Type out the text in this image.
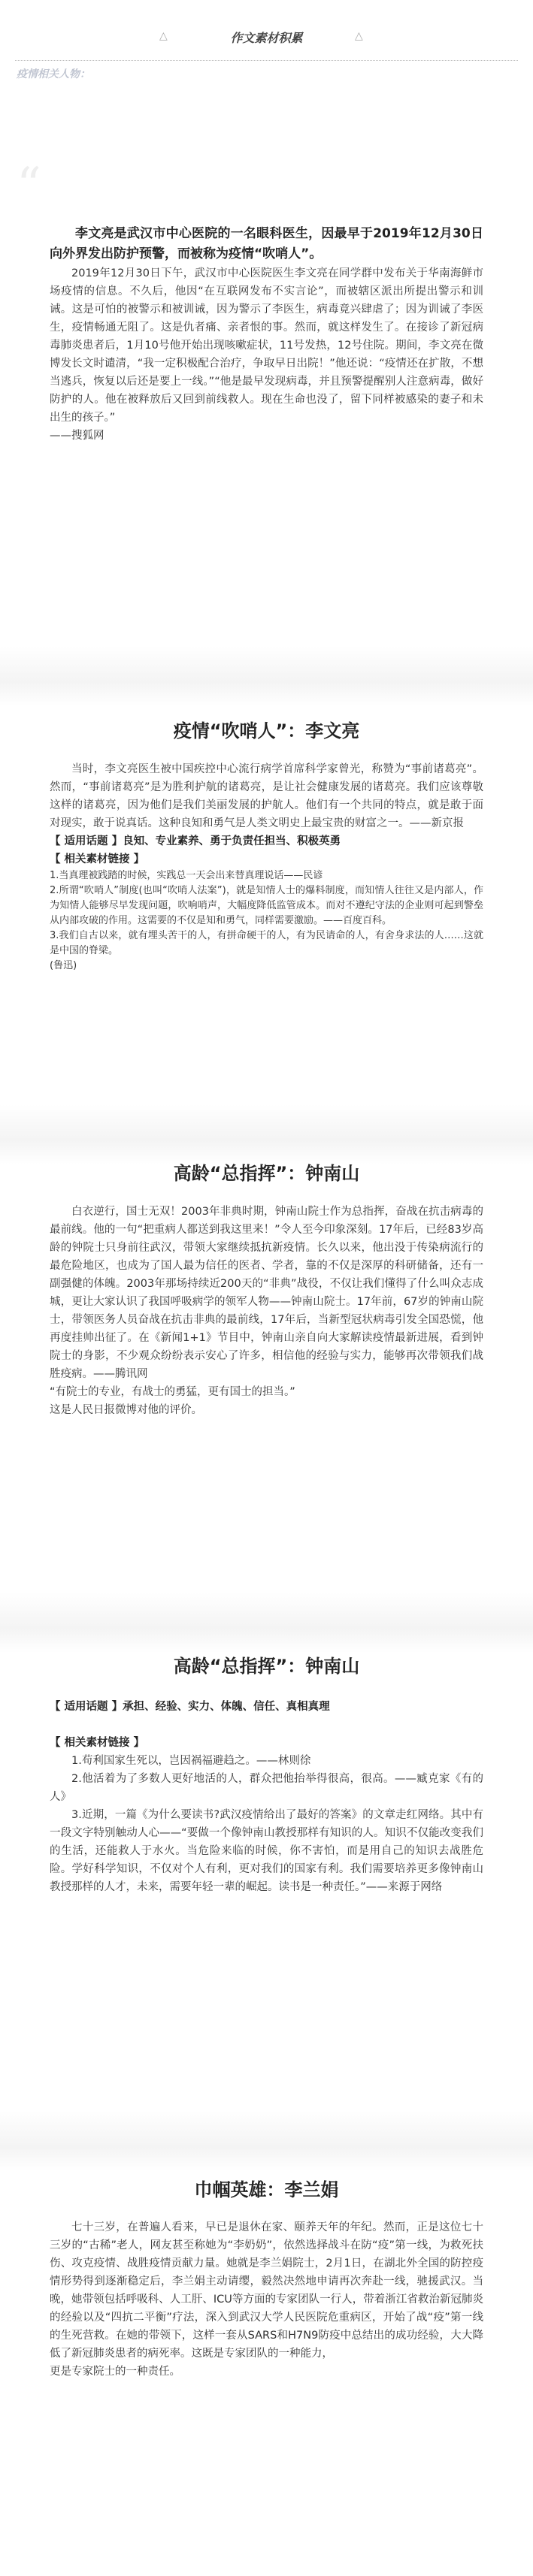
△	作文素材积累	△
疫情相关人物：
“

李文亮是武汉市中心医院的一名眼科医生，因最早于2019年12月30日向外界发出防护预警，而被称为疫情“吹哨人”。

2019年12月30日下午，武汉市中心医院医生李文亮在同学群中发布关于华南海鲜市场疫情的信息。不久后，他因“在互联网发布不实言论”，而被辖区派出所提出警示和训诫。这是可怕的被警示和被训诫，因为警示了李医生，病毒竟兴肆虐了；因为训诫了李医生，疫情畅通无阻了。这是仇者痛、亲者恨的事。然而，就这样发生了。在接诊了新冠病毒肺炎患者后，1月10号他开始出现咳嗽症状，11号发热，12号住院。期间，李文亮在微博发长文时谴清，“我一定积极配合治疗，争取早日出院！”他还说：“疫情还在扩散，不想当逃兵，恢复以后还是要上一线。”“他是最早发现病毒，并且预警提醒别人注意病毒，做好防护的人。他在被释放后又回到前线救人。现在生命也没了，留下同样被感染的妻子和未出生的孩子。”

——搜狐网

疫情“吹哨人”：李文亮

当时，李文亮医生被中国疾控中心流行病学首席科学家曾光，称赞为“事前诸葛亮”。然而，“事前诸葛亮”是为胜利护航的诸葛亮，是让社会健康发展的诸葛亮。我们应该尊敬这样的诸葛亮，因为他们是我们美丽发展的护航人。他们有一个共同的特点，就是敢于面对现实，敢于说真话。这种良知和勇气是人类文明史上最宝贵的财富之一。——新京报

【 适用话题 】良知、专业素养、勇于负责任担当、积极英勇

【 相关素材链接 】

1.当真理被践踏的时候，实践总一天会出来替真理说话——民谚

2.所谓“吹哨人”制度(也叫“吹哨人法案”)，就是知情人士的爆料制度，而知情人往往又是内部人，作为知情人能够尽早发现问题，吹响哨声，大幅度降低监管成本。而对不遵纪守法的企业则可起到警垒从内部攻破的作用。这需要的不仅是知和勇气，同样需要激励。——百度百科。

3.我们自古以来，就有埋头苦干的人，有拼命硬干的人，有为民请命的人，有舍身求法的人……这就是中国的脊梁。

(鲁迅)

高龄“总指挥”：钟南山

白衣逆行，国士无双！2003年非典时期，钟南山院士作为总指挥，奋战在抗击病毒的最前线。他的一句“把重病人都送到我这里来！”令人至今印象深刻。17年后，已经83岁高龄的钟院士只身前往武汉，带领大家继续抵抗新疫情。长久以来，他出没于传染病流行的最危险地区，也成为了国人最为信任的医者、学者，靠的不仅是深厚的科研储备，还有一副强健的体魄。2003年那场持续近200天的“非典”战役，不仅让我们懂得了什么叫众志成城，更让大家认识了我国呼吸病学的领军人物——钟南山院士。17年前，67岁的钟南山院士，带领医务人员奋战在抗击非典的最前线，17年后，当新型冠状病毒引发全国恐慌，他再度挂帅出征了。在《新闻1+1》节目中，钟南山亲自向大家解读疫情最新进展，看到钟院士的身影，不少观众纷纷表示安心了许多，相信他的经验与实力，能够再次带领我们战胜疫病。——腾讯网

“有院士的专业，有战士的勇猛，更有国士的担当。”

这是人民日报微博对他的评价。

高龄“总指挥”：钟南山

【 适用话题 】承担、经验、实力、体魄、信任、真相真理

【 相关素材链接 】

1.苟利国家生死以，岂因祸福避趋之。——林则徐

2.他活着为了多数人更好地活的人，群众把他抬举得很高，很高。——臧克家《有的人》

3.近期，一篇《为什么要读书?武汉疫情给出了最好的答案》的文章走红网络。其中有一段文字特别触动人心——“要做一个像钟南山教授那样有知识的人。知识不仅能改变我们的生活，还能救人于水火。当危险来临的时候，你不害怕，而是用自己的知识去战胜危险。学好科学知识，不仅对个人有利，更对我们的国家有利。我们需要培养更多像钟南山教授那样的人才，未来，需要年轻一辈的崛起。读书是一种责任。”——来源于网络

巾帼英雄：李兰娟

七十三岁，在普遍人看来，早已是退休在家、颐养天年的年纪。然而，正是这位七十三岁的“古稀”老人，网友甚至称她为“李奶奶”，依然选择战斗在防“疫”第一线，为救死扶伤、攻克疫情、战胜疫情贡献力量。她就是李兰娟院士，2月1日，在湖北外全国的防控疫情形势得到逐渐稳定后，李兰娟主动请缨，毅然决然地申请再次奔赴一线，驰援武汉。当晚，她带领包括呼吸科、人工肝、ICU等方面的专家团队一行人，带着浙江省救治新冠肺炎的经验以及“四抗二平衡”疗法，深入到武汉大学人民医院危重病区，开始了战“疫”第一线的生死营救。在她的带领下，这样一套从SARS和H7N9防疫中总结出的成功经验，大大降低了新冠肺炎患者的病死率。这既是专家团队的一种能力，

更是专家院士的一种责任。
